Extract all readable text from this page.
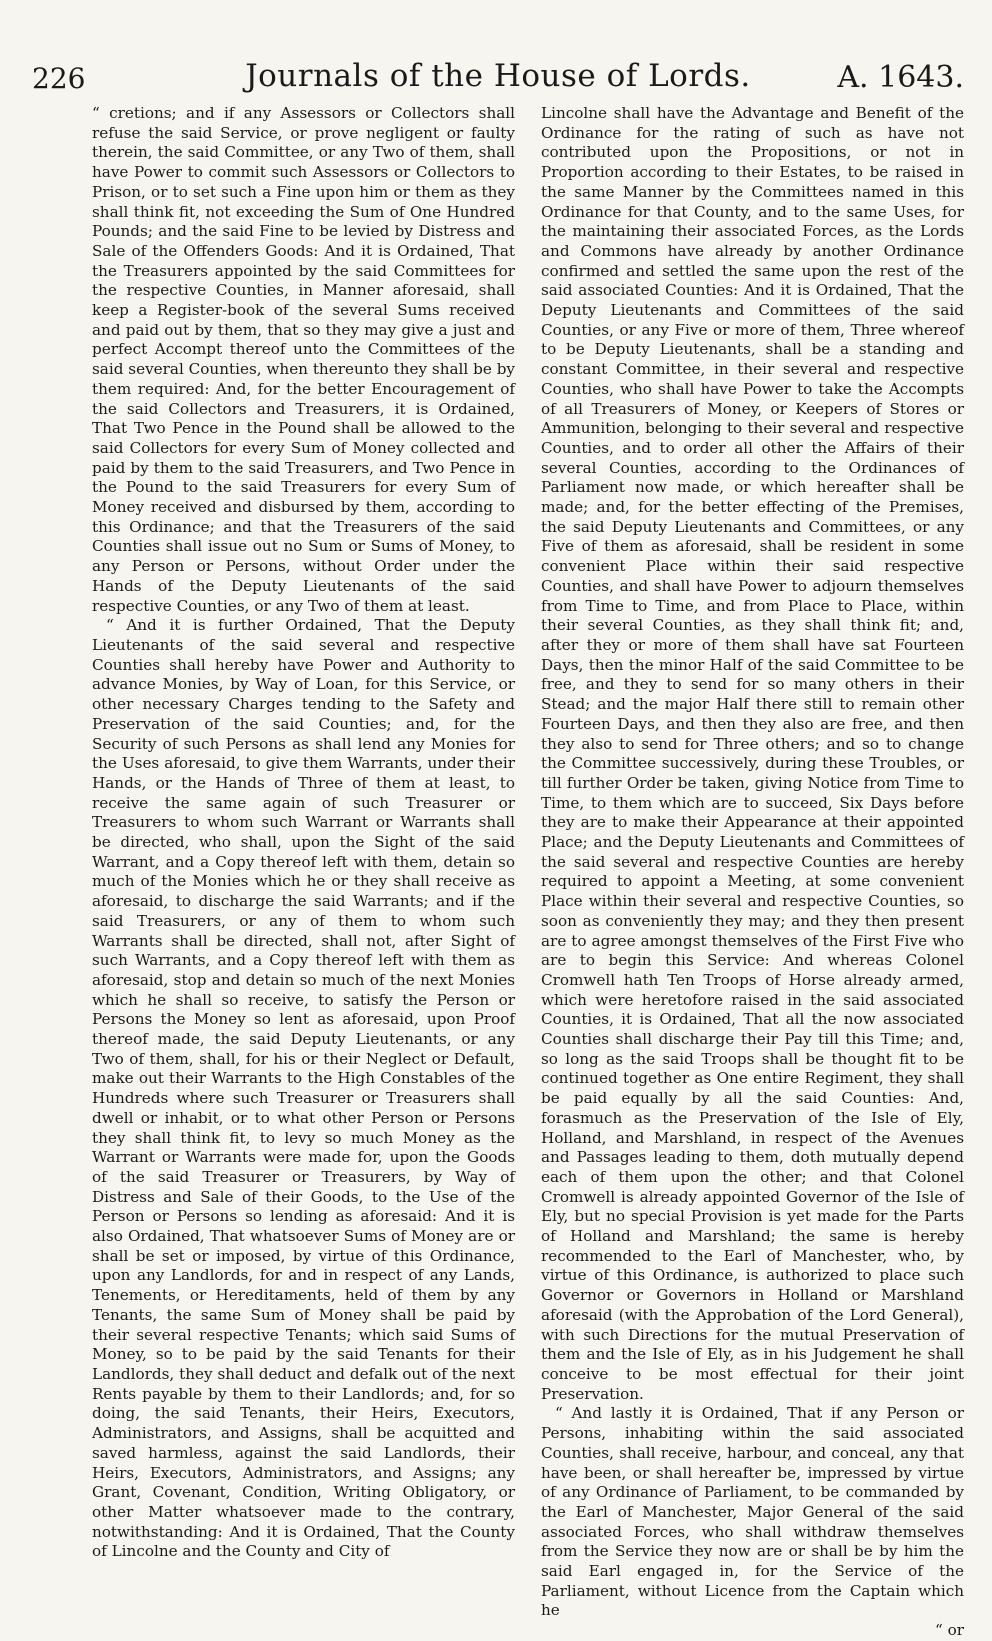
226	Journals of the House of Lords.	A. 1643.

“ cretions; and if any Assessors or Collectors shall refuse the said Service, or prove negligent or faulty therein, the said Committee, or any Two of them, shall have Power to commit such Assessors or Collectors to Prison, or to set such a Fine upon him or them as they shall think fit, not exceeding the Sum of One Hundred Pounds; and the said Fine to be levied by Distress and Sale of the Offenders Goods: And it is Ordained, That the Treasurers appointed by the said Committees for the respective Counties, in Manner aforesaid, shall keep a Register-book of the several Sums received and paid out by them, that so they may give a just and perfect Accompt thereof unto the Committees of the said several Counties, when thereunto they shall be by them required: And, for the better Encouragement of the said Collectors and Treasurers, it is Ordained, That Two Pence in the Pound shall be allowed to the said Collectors for every Sum of Money collected and paid by them to the said Treasurers, and Two Pence in the Pound to the said Treasurers for every Sum of Money received and disbursed by them, according to this Ordinance; and that the Treasurers of the said Counties shall issue out no Sum or Sums of Money, to any Person or Persons, without Order under the Hands of the Deputy Lieutenants of the said respective Counties, or any Two of them at least.

“ And it is further Ordained, That the Deputy Lieutenants of the said several and respective Counties shall hereby have Power and Authority to advance Monies, by Way of Loan, for this Service, or other necessary Charges tending to the Safety and Preservation of the said Counties; and, for the Security of such Persons as shall lend any Monies for the Uses aforesaid, to give them Warrants, under their Hands, or the Hands of Three of them at least, to receive the same again of such Treasurer or Treasurers to whom such Warrant or Warrants shall be directed, who shall, upon the Sight of the said Warrant, and a Copy thereof left with them, detain so much of the Monies which he or they shall receive as aforesaid, to discharge the said Warrants; and if the said Treasurers, or any of them to whom such Warrants shall be directed, shall not, after Sight of such Warrants, and a Copy thereof left with them as aforesaid, stop and detain so much of the next Monies which he shall so receive, to satisfy the Person or Persons the Money so lent as aforesaid, upon Proof thereof made, the said Deputy Lieutenants, or any Two of them, shall, for his or their Neglect or Default, make out their Warrants to the High Constables of the Hundreds where such Treasurer or Treasurers shall dwell or inhabit, or to what other Person or Persons they shall think fit, to levy so much Money as the Warrant or Warrants were made for, upon the Goods of the said Treasurer or Treasurers, by Way of Distress and Sale of their Goods, to the Use of the Person or Persons so lending as aforesaid: And it is also Ordained, That whatsoever Sums of Money are or shall be set or imposed, by virtue of this Ordinance, upon any Landlords, for and in respect of any Lands, Tenements, or Hereditaments, held of them by any Tenants, the same Sum of Money shall be paid by their several respective Tenants; which said Sums of Money, so to be paid by the said Tenants for their Landlords, they shall deduct and defalk out of the next Rents payable by them to their Landlords; and, for so doing, the said Tenants, their Heirs, Executors, Administrators, and Assigns, shall be acquitted and saved harmless, against the said Landlords, their Heirs, Executors, Administrators, and Assigns; any Grant, Covenant, Condition, Writing Obligatory, or other Matter whatsoever made to the contrary, notwithstanding: And it is Ordained, That the County of Lincolne and the County and City of

Lincolne shall have the Advantage and Benefit of the Ordinance for the rating of such as have not contributed upon the Propositions, or not in Proportion according to their Estates, to be raised in the same Manner by the Committees named in this Ordinance for that County, and to the same Uses, for the maintaining their associated Forces, as the Lords and Commons have already by another Ordinance confirmed and settled the same upon the rest of the said associated Counties: And it is Ordained, That the Deputy Lieutenants and Committees of the said Counties, or any Five or more of them, Three whereof to be Deputy Lieutenants, shall be a standing and constant Committee, in their several and respective Counties, who shall have Power to take the Accompts of all Treasurers of Money, or Keepers of Stores or Ammunition, belonging to their several and respective Counties, and to order all other the Affairs of their several Counties, according to the Ordinances of Parliament now made, or which hereafter shall be made; and, for the better effecting of the Premises, the said Deputy Lieutenants and Committees, or any Five of them as aforesaid, shall be resident in some convenient Place within their said respective Counties, and shall have Power to adjourn themselves from Time to Time, and from Place to Place, within their several Counties, as they shall think fit; and, after they or more of them shall have sat Fourteen Days, then the minor Half of the said Committee to be free, and they to send for so many others in their Stead; and the major Half there still to remain other Fourteen Days, and then they also are free, and then they also to send for Three others; and so to change the Committee successively, during these Troubles, or till further Order be taken, giving Notice from Time to Time, to them which are to succeed, Six Days before they are to make their Appearance at their appointed Place; and the Deputy Lieutenants and Committees of the said several and respective Counties are hereby required to appoint a Meeting, at some convenient Place within their several and respective Counties, so soon as conveniently they may; and they then present are to agree amongst themselves of the First Five who are to begin this Service: And whereas Colonel Cromwell hath Ten Troops of Horse already armed, which were heretofore raised in the said associated Counties, it is Ordained, That all the now associated Counties shall discharge their Pay till this Time; and, so long as the said Troops shall be thought fit to be continued together as One entire Regiment, they shall be paid equally by all the said Counties: And, forasmuch as the Preservation of the Isle of Ely, Holland, and Marshland, in respect of the Avenues and Passages leading to them, doth mutually depend each of them upon the other; and that Colonel Cromwell is already appointed Governor of the Isle of Ely, but no special Provision is yet made for the Parts of Holland and Marshland; the same is hereby recommended to the Earl of Manchester, who, by virtue of this Ordinance, is authorized to place such Governor or Governors in Holland or Marshland aforesaid (with the Approbation of the Lord General), with such Directions for the mutual Preservation of them and the Isle of Ely, as in his Judgement he shall conceive to be most effectual for their joint Preservation.

“ And lastly it is Ordained, That if any Person or Persons, inhabiting within the said associated Counties, shall receive, harbour, and conceal, any that have been, or shall hereafter be, impressed by virtue of any Ordinance of Parliament, to be commanded by the Earl of Manchester, Major General of the said associated Forces, who shall withdraw themselves from the Service they now are or shall be by him the said Earl engaged in, for the Service of the Parliament, without Licence from the Captain which he

“ or
